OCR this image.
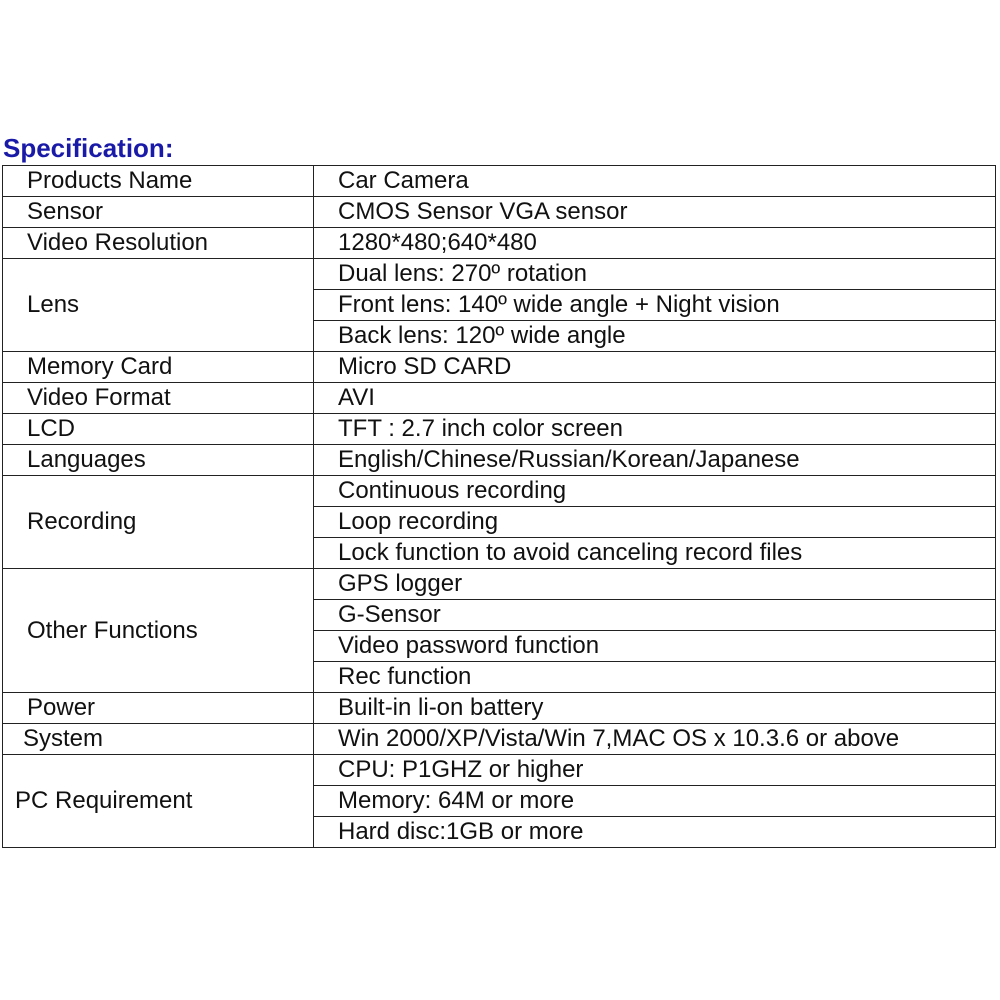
Specification:
Products Name	Car Camera
Sensor	CMOS Sensor VGA sensor
Video Resolution	1280*480;640*480
Lens	Dual lens: 270º rotation
	Front lens: 140º wide angle + Night vision
	Back lens: 120º wide angle
Memory Card	Micro SD CARD
Video Format	AVI
LCD	TFT : 2.7 inch color screen
Languages	English/Chinese/Russian/Korean/Japanese
Recording	Continuous recording
	Loop recording
	Lock function to avoid canceling record files
Other Functions	GPS logger
	G-Sensor
	Video password function
	Rec function
Power	Built-in li-on battery
System	Win 2000/XP/Vista/Win 7,MAC OS x 10.3.6 or above
PC Requirement	CPU: P1GHZ or higher
	Memory: 64M or more
	Hard disc:1GB or more
